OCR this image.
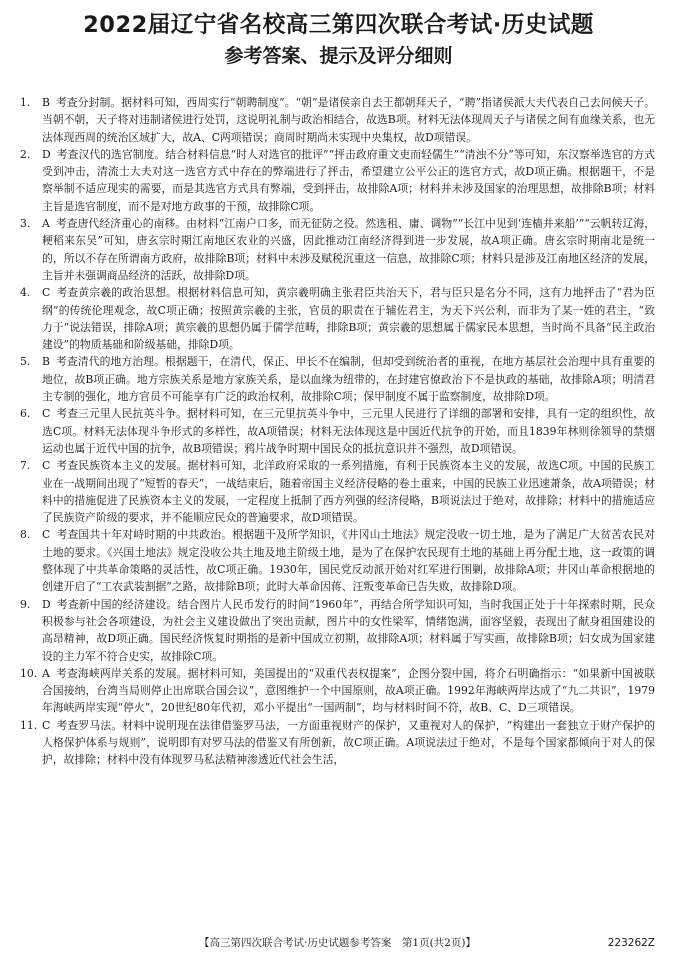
2022届辽宁省名校高三第四次联合考试·历史试题
参考答案、提示及评分细则

1. B 考查分封制。据材料可知，西周实行“朝聘制度”。“朝”是诸侯亲自去王都朝拜天子，“聘”指诸侯派大夫代表自己去问候天子。当朝不朝，天子将对违制诸侯进行处罚，这说明礼制与政治相结合，故选B项。材料无法体现周天子与诸侯之间有血缘关系，也无法体现西周的统治区域扩大，故A、C两项错误；商周时期尚未实现中央集权，故D项错误。

2. D 考查汉代的选官制度。结合材料信息“时人对选官的批评”“抨击政府重文吏而轻儒生”“清浊不分”等可知，东汉察举选官的方式受到冲击，清流士大夫对这一选官方式中存在的弊端进行了抨击，希望建立公平公正的选官方式，故D项正确。根据题干，不是察举制不适应现实的需要，而是其选官方式具有弊端，受到抨击，故排除A项；材料并未涉及国家的治理思想，故排除B项；材料主旨是选官制度，而不是对地方政事的干预，故排除C项。

3. A 考查唐代经济重心的南移。由材料“江南户口多，而无征防之役。然选租、庸、调物”“长江中见到‘连樯并来船’”“云帆转辽海，粳稻来东吴”可知，唐玄宗时期江南地区农业的兴盛，因此推动江南经济得到进一步发展，故A项正确。唐玄宗时期南北是统一的，所以不存在所谓南方政府，故排除B项；材料中未涉及赋税沉重这一信息，故排除C项；材料只是涉及江南地区经济的发展，主旨并未强调商品经济的活跃，故排除D项。

4. C 考查黄宗羲的政治思想。根据材料信息可知，黄宗羲明确主张君臣共治天下，君与臣只是名分不同，这有力地抨击了“君为臣纲”的传统伦理观念，故C项正确；按照黄宗羲的主张，官员的职责在于辅佐君主，为天下兴公利，而非为了某一姓的君主，“致力于”说法错误，排除A项；黄宗羲的思想仍属于儒学范畴，排除B项；黄宗羲的思想属于儒家民本思想，当时尚不具备“民主政治建设”的物质基础和阶级基础，排除D项。

5. B 考查清代的地方治理。根据题干，在清代，保正、甲长不在编制，但却受到统治者的重视，在地方基层社会治理中具有重要的地位，故B项正确。地方宗族关系是地方家族关系，是以血缘为纽带的，在封建官僚政治下不是执政的基础，故排除A项；明清君主专制的强化，地方官员不可能享有广泛的政治权利，故排除C项；保甲制度不属于监察制度，故排除D项。

6. C 考查三元里人民抗英斗争。据材料可知，在三元里抗英斗争中，三元里人民进行了详细的部署和安排，具有一定的组织性，故选C项。材料无法体现斗争形式的多样性，故A项错误；材料无法体现这是中国近代抗争的开始，而且1839年林则徐领导的禁烟运动也属于近代中国的抗争，故B项错误；鸦片战争时期中国民众的抵抗意识并不强烈，故D项错误。

7. C 考查民族资本主义的发展。据材料可知，北洋政府采取的一系列措施，有利于民族资本主义的发展，故选C项。中国的民族工业在一战期间出现了“短暂的春天”，一战结束后，随着帝国主义经济侵略的卷土重来，中国的民族工业迅速萧条，故A项错误；材料中的措施促进了民族资本主义的发展，一定程度上抵制了西方列强的经济侵略，B项说法过于绝对，故排除；材料中的措施适应了民族资产阶级的要求，并不能顺应民众的普遍要求，故D项错误。

8. C 考查国共十年对峙时期的中共政治。根据题干及所学知识，《井冈山土地法》规定没收一切土地，是为了满足广大贫苦农民对土地的要求。《兴国土地法》规定没收公共土地及地主阶级土地，是为了在保护农民现有土地的基础上再分配土地，这一政策的调整体现了中共革命策略的灵活性，故C项正确。1930年，国民党反动派开始对红军进行围剿，故排除A项；井冈山革命根据地的创建开启了“工农武装割据”之路，故排除B项；此时大革命因蒋、汪叛变革命已告失败，故排除D项。

9. D 考查新中国的经济建设。结合图片人民币发行的时间“1960年”，再结合所学知识可知，当时我国正处于十年探索时期，民众积极参与社会各项建设，为社会主义建设做出了突出贡献，图片中的女性梁军，情绪饱满，面容坚毅，表现出了献身祖国建设的高昂精神，故D项正确。国民经济恢复时期指的是新中国成立初期，故排除A项；材料属于写实画，故排除B项；妇女成为国家建设的主力军不符合史实，故排除C项。

10. A 考查海峡两岸关系的发展。据材料可知，美国提出的“双重代表权提案”，企图分裂中国，将介石明确指示：“如果新中国被联合国接纳，台湾当局则停止出席联合国会议”，意图维护一个中国原则，故A项正确。1992年海峡两岸达成了“九二共识”，1979年海峡两岸实现“停火”，20世纪80年代初，邓小平提出“一国两制”，均与材料时间不符，故B、C、D三项错误。

11. C 考查罗马法。材料中说明现在法律借鉴罗马法，一方面重视财产的保护，又重视对人的保护，“构建出一套独立于财产保护的人格保护体系与规则”，说明即有对罗马法的借鉴又有所创新，故C项正确。A项说法过于绝对，不是每个国家都倾向于对人的保护，故排除；材料中没有体现罗马私法精神渗透近代社会生活，

【高三第四次联合考试·历史试题参考答案　第1页(共2页)】	223262Z
